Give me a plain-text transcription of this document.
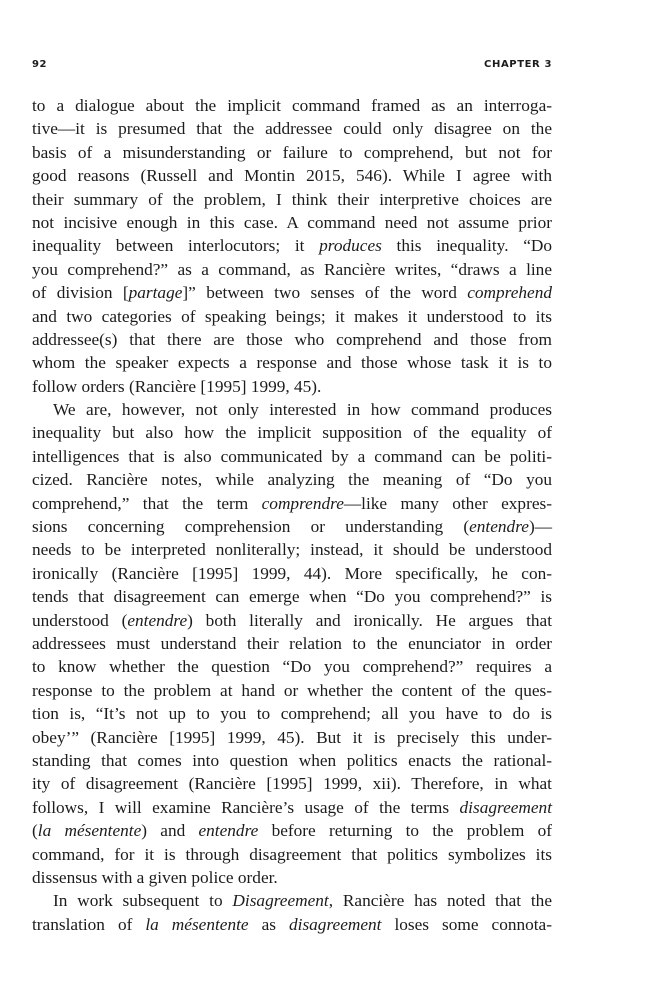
92	CHAPTER 3
to a dialogue about the implicit command framed as an interroga-
tive—it is presumed that the addressee could only disagree on the
basis of a misunderstanding or failure to comprehend, but not for
good reasons (Russell and Montin 2015, 546). While I agree with
their summary of the problem, I think their interpretive choices are
not incisive enough in this case. A command need not assume prior
inequality between interlocutors; it produces this inequality. “Do
you comprehend?” as a command, as Rancière writes, “draws a line
of division [partage]” between two senses of the word comprehend
and two categories of speaking beings; it makes it understood to its
addressee(s) that there are those who comprehend and those from
whom the speaker expects a response and those whose task it is to
follow orders (Rancière [1995] 1999, 45).
We are, however, not only interested in how command produces
inequality but also how the implicit supposition of the equality of
intelligences that is also communicated by a command can be politi-
cized. Rancière notes, while analyzing the meaning of “Do you
comprehend,” that the term comprendre—like many other expres-
sions concerning comprehension or understanding (entendre)—
needs to be interpreted nonliterally; instead, it should be understood
ironically (Rancière [1995] 1999, 44). More specifically, he con-
tends that disagreement can emerge when “Do you comprehend?” is
understood (entendre) both literally and ironically. He argues that
addressees must understand their relation to the enunciator in order
to know whether the question “Do you comprehend?” requires a
response to the problem at hand or whether the content of the ques-
tion is, “It’s not up to you to comprehend; all you have to do is
obey’” (Rancière [1995] 1999, 45). But it is precisely this under-
standing that comes into question when politics enacts the rational-
ity of disagreement (Rancière [1995] 1999, xii). Therefore, in what
follows, I will examine Rancière’s usage of the terms disagreement
(la mésentente) and entendre before returning to the problem of
command, for it is through disagreement that politics symbolizes its
dissensus with a given police order.
In work subsequent to Disagreement, Rancière has noted that the
translation of la mésentente as disagreement loses some connota-
